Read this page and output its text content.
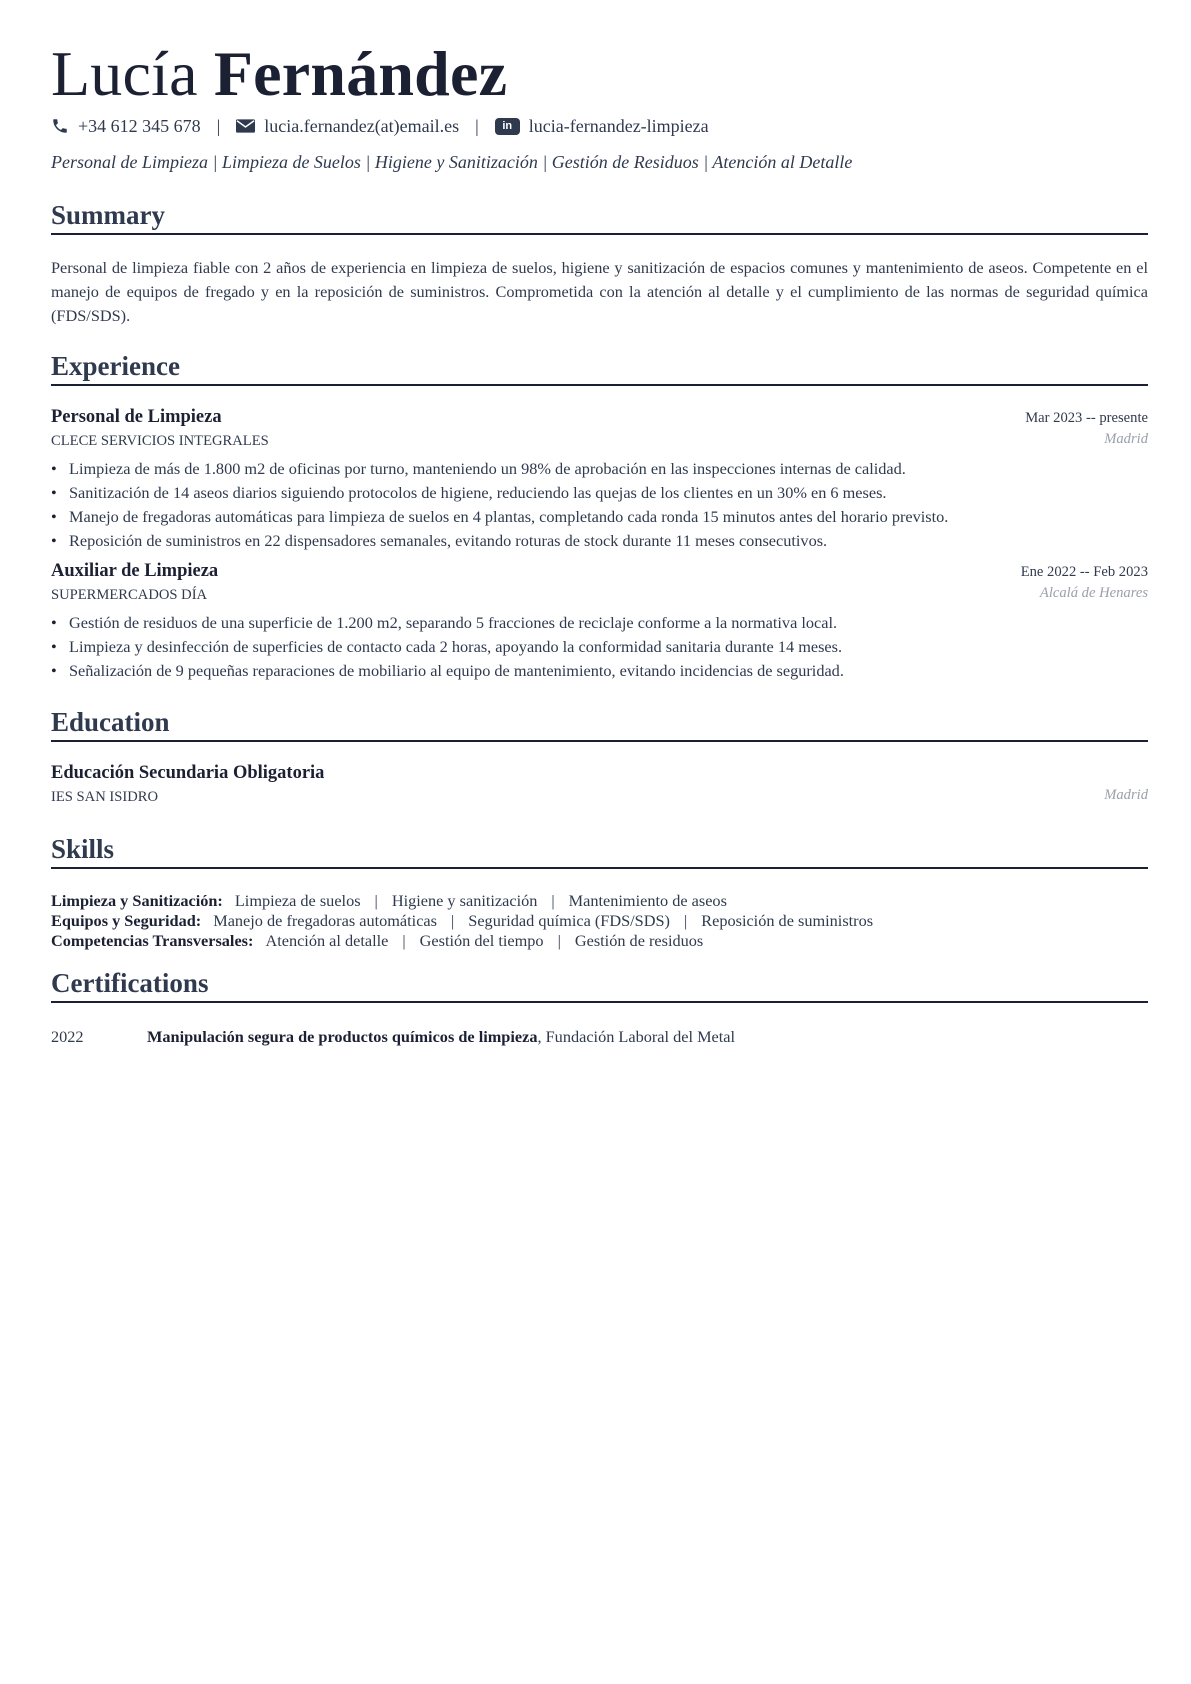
Lucía Fernández
+34 612 345 678 | lucia.fernandez(at)email.es |	in lucia-fernandez-limpieza
Personal de Limpieza | Limpieza de Suelos | Higiene y Sanitización | Gestión de Residuos | Atención al Detalle
Summary
Personal de limpieza fiable con 2 años de experiencia en limpieza de suelos, higiene y sanitización de espacios comunes y mantenimiento de aseos. Competente en el manejo de equipos de fregado y en la reposición de suministros. Comprometida con la atención al detalle y el cumplimiento de las normas de seguridad química (FDS/SDS).
Experience
Personal de Limpieza	Mar 2023 -- presente
CLECE SERVICIOS INTEGRALES	Madrid
• Limpieza de más de 1.800 m2 de oficinas por turno, manteniendo un 98% de aprobación en las inspecciones internas de calidad.
• Sanitización de 14 aseos diarios siguiendo protocolos de higiene, reduciendo las quejas de los clientes en un 30% en 6 meses.
• Manejo de fregadoras automáticas para limpieza de suelos en 4 plantas, completando cada ronda 15 minutos antes del horario previsto.
• Reposición de suministros en 22 dispensadores semanales, evitando roturas de stock durante 11 meses consecutivos.
Auxiliar de Limpieza	Ene 2022 -- Feb 2023
SUPERMERCADOS DÍA	Alcalá de Henares
• Gestión de residuos de una superficie de 1.200 m2, separando 5 fracciones de reciclaje conforme a la normativa local.
• Limpieza y desinfección de superficies de contacto cada 2 horas, apoyando la conformidad sanitaria durante 14 meses.
• Señalización de 9 pequeñas reparaciones de mobiliario al equipo de mantenimiento, evitando incidencias de seguridad.
Education
Educación Secundaria Obligatoria
IES SAN ISIDRO	Madrid
Skills
Limpieza y Sanitización: Limpieza de suelos | Higiene y sanitización | Mantenimiento de aseos
Equipos y Seguridad: Manejo de fregadoras automáticas | Seguridad química (FDS/SDS) | Reposición de suministros
Competencias Transversales: Atención al detalle | Gestión del tiempo | Gestión de residuos
Certifications
2022	Manipulación segura de productos químicos de limpieza, Fundación Laboral del Metal
